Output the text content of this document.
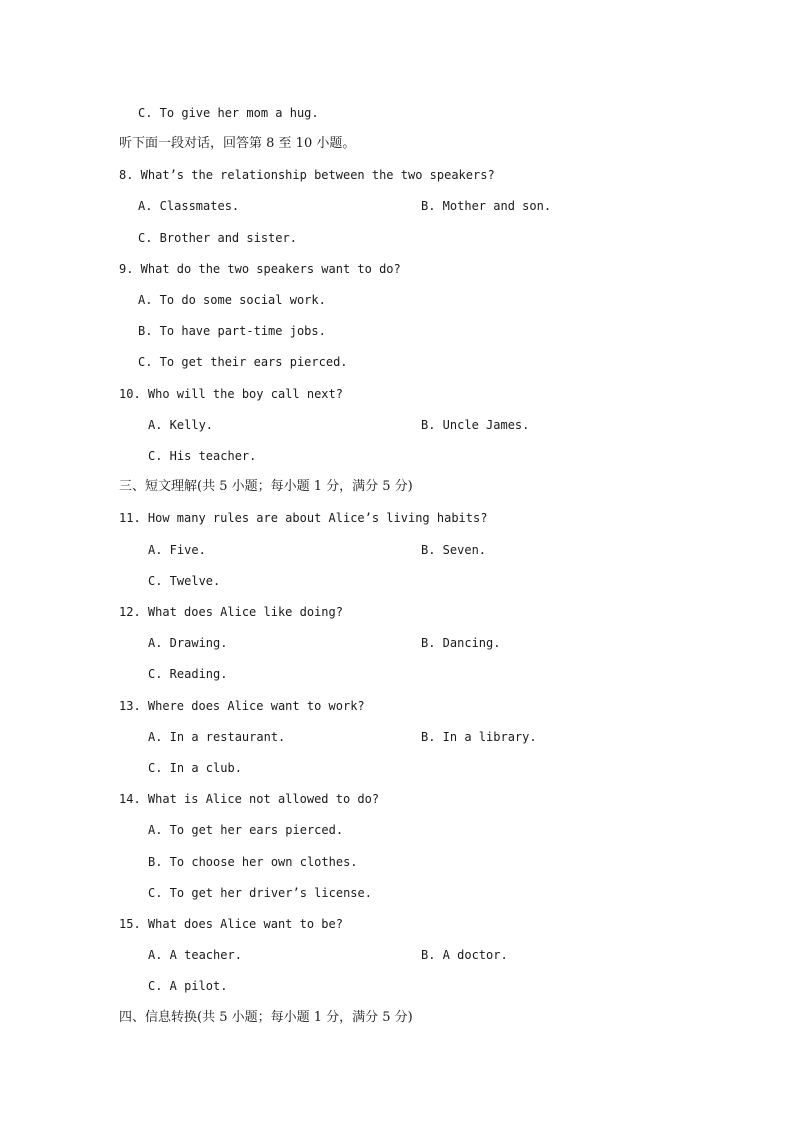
C. To give her mom a hug.
听下面一段对话，回答第 8 至 10 小题。
8. What’s the relationship between the two speakers?
A. Classmates.	B. Mother and son.
C. Brother and sister.
9. What do the two speakers want to do?
A. To do some social work.
B. To have part-time jobs.
C. To get their ears pierced.
10. Who will the boy call next?
A. Kelly.	B. Uncle James.
C. His teacher.
三、短文理解(共 5 小题；每小题 1 分，满分 5 分)
11. How many rules are about Alice’s living habits?
A. Five.	B. Seven.
C. Twelve.
12. What does Alice like doing?
A. Drawing.	B. Dancing.
C. Reading.
13. Where does Alice want to work?
A. In a restaurant.	B. In a library.
C. In a club.
14. What is Alice not allowed to do?
A. To get her ears pierced.
B. To choose her own clothes.
C. To get her driver’s license.
15. What does Alice want to be?
A. A teacher.	B. A doctor.
C. A pilot.
四、信息转换(共 5 小题；每小题 1 分，满分 5 分)
